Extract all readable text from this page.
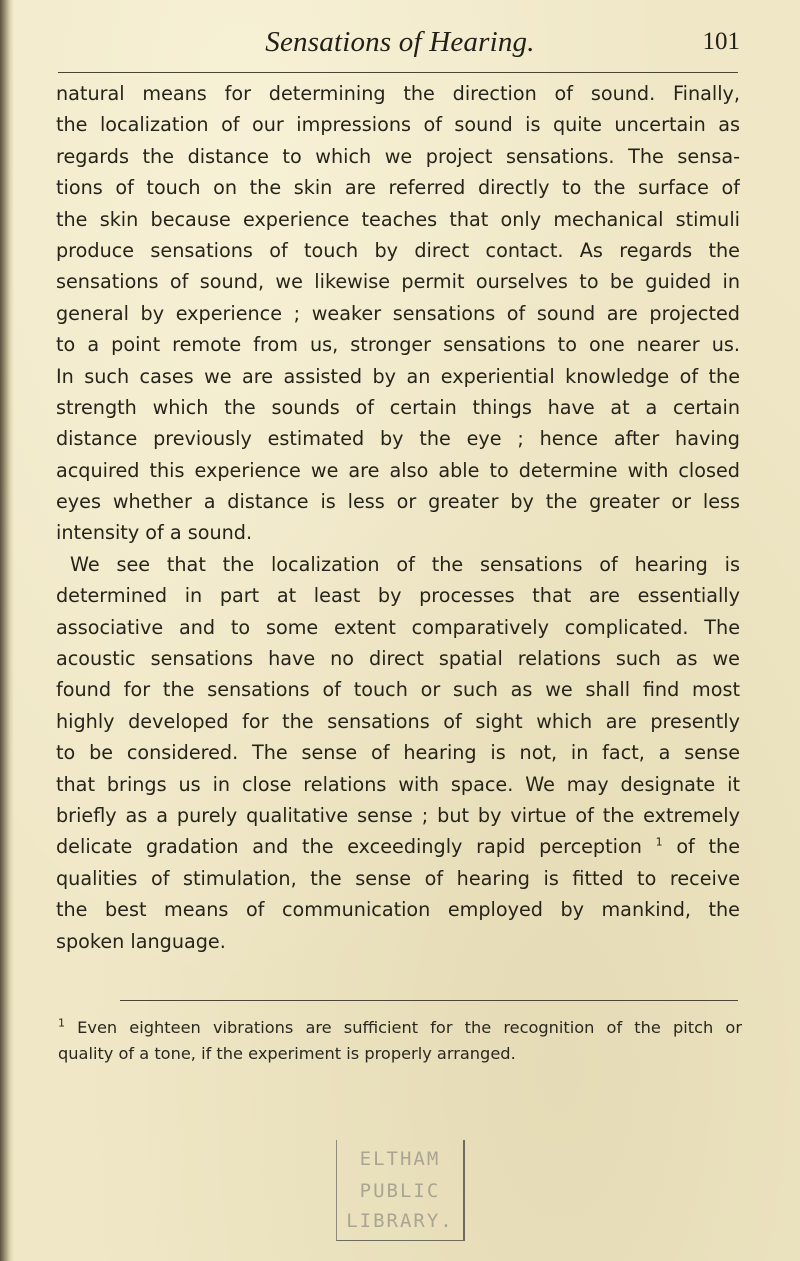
Sensations of Hearing.	101
natural means for determining the direction of sound. Finally,
the localization of our impressions of sound is quite uncertain as
regards the distance to which we project sensations. The sensa-
tions of touch on the skin are referred directly to the surface of
the skin because experience teaches that only mechanical stimuli
produce sensations of touch by direct contact. As regards the
sensations of sound, we likewise permit ourselves to be guided in
general by experience ; weaker sensations of sound are projected
to a point remote from us, stronger sensations to one nearer us.
In such cases we are assisted by an experiential knowledge of the
strength which the sounds of certain things have at a certain
distance previously estimated by the eye ; hence after having
acquired this experience we are also able to determine with closed
eyes whether a distance is less or greater by the greater or less
intensity of a sound.
We see that the localization of the sensations of hearing is
determined in part at least by processes that are essentially
associative and to some extent comparatively complicated. The
acoustic sensations have no direct spatial relations such as we
found for the sensations of touch or such as we shall find most
highly developed for the sensations of sight which are presently
to be considered. The sense of hearing is not, in fact, a sense
that brings us in close relations with space. We may designate it
briefly as a purely qualitative sense ; but by virtue of the extremely
delicate gradation and the exceedingly rapid perception $^1$ of the
qualities of stimulation, the sense of hearing is fitted to receive
the best means of communication employed by mankind, the
spoken language.
$^1$ Even eighteen vibrations are sufficient for the recognition of the pitch or
quality of a tone, if the experiment is properly arranged.
ELTHAM
PUBLIC
LIBRARY.
